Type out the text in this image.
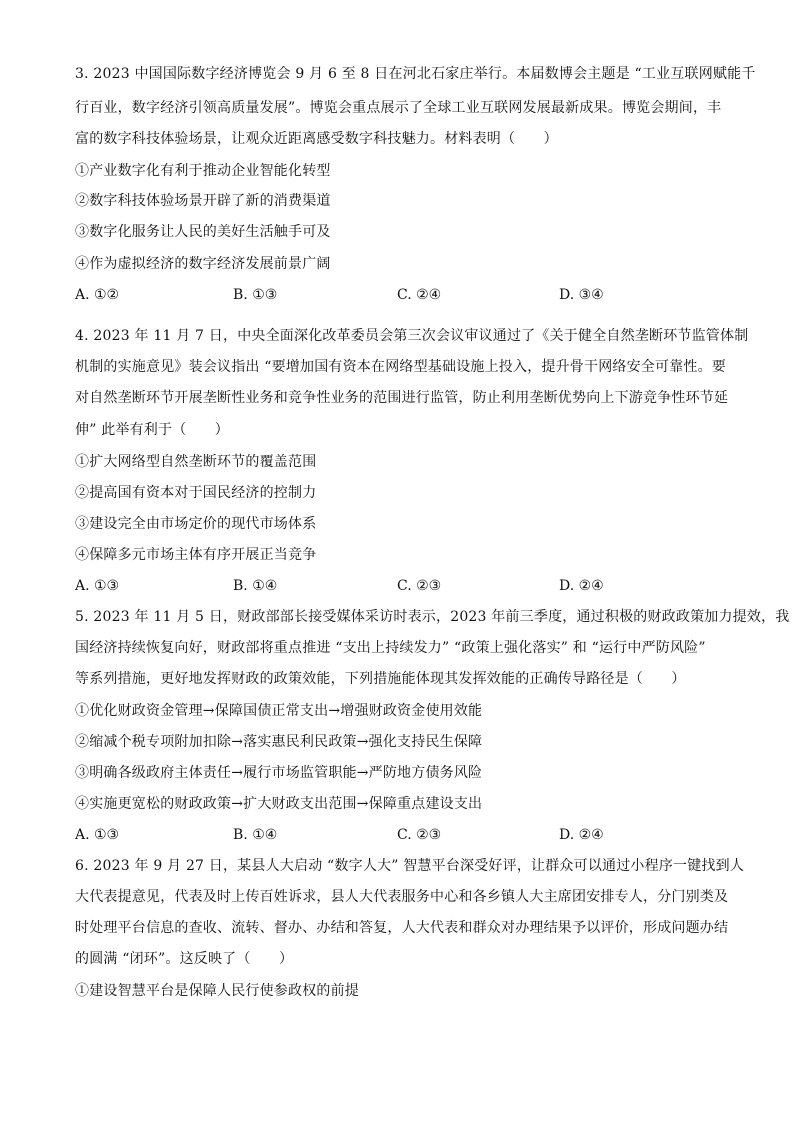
3. 2023 中国国际数字经济博览会 9 月 6 至 8 日在河北石家庄举行。本届数博会主题是 “工业互联网赋能千
行百业，数字经济引领高质量发展”。博览会重点展示了全球工业互联网发展最新成果。博览会期间，丰
富的数字科技体验场景，让观众近距离感受数字科技魅力。材料表明（　　）
①产业数字化有利于推动企业智能化转型
②数字科技体验场景开辟了新的消费渠道
③数字化服务让人民的美好生活触手可及
④作为虚拟经济的数字经济发展前景广阔
A. ①②	B. ①③	C. ②④	D. ③④
4. 2023 年 11 月 7 日，中央全面深化改革委员会第三次会议审议通过了《关于健全自然垄断环节监管体制
机制的实施意见》装会议指出 “要增加国有资本在网络型基础设施上投入，提升骨干网络安全可靠性。要
对自然垄断环节开展垄断性业务和竞争性业务的范围进行监管，防止利用垄断优势向上下游竞争性环节延
伸” 此举有利于（　　）
①扩大网络型自然垄断环节的覆盖范围
②提高国有资本对于国民经济的控制力
③建设完全由市场定价的现代市场体系
④保障多元市场主体有序开展正当竞争
A. ①③	B. ①④	C. ②③	D. ②④
5. 2023 年 11 月 5 日，财政部部长接受媒体采访时表示，2023 年前三季度，通过积极的财政政策加力提效，我
国经济持续恢复向好，财政部将重点推进 “支出上持续发力” “政策上强化落实” 和 “运行中严防风险”
等系列措施，更好地发挥财政的政策效能，下列措施能体现其发挥效能的正确传导路径是（　　）
①优化财政资金管理→保障国债正常支出→增强财政资金使用效能
②缩减个税专项附加扣除→落实惠民利民政策→强化支持民生保障
③明确各级政府主体责任→履行市场监管职能→严防地方债务风险
④实施更宽松的财政政策→扩大财政支出范围→保障重点建设支出
A. ①③	B. ①④	C. ②③	D. ②④
6. 2023 年 9 月 27 日，某县人大启动 “数字人大” 智慧平台深受好评，让群众可以通过小程序一键找到人
大代表提意见，代表及时上传百姓诉求，县人大代表服务中心和各乡镇人大主席团安排专人，分门别类及
时处理平台信息的查收、流转、督办、办结和答复，人大代表和群众对办理结果予以评价，形成问题办结
的圆满 “闭环”。这反映了（　　）
①建设智慧平台是保障人民行使参政权的前提
